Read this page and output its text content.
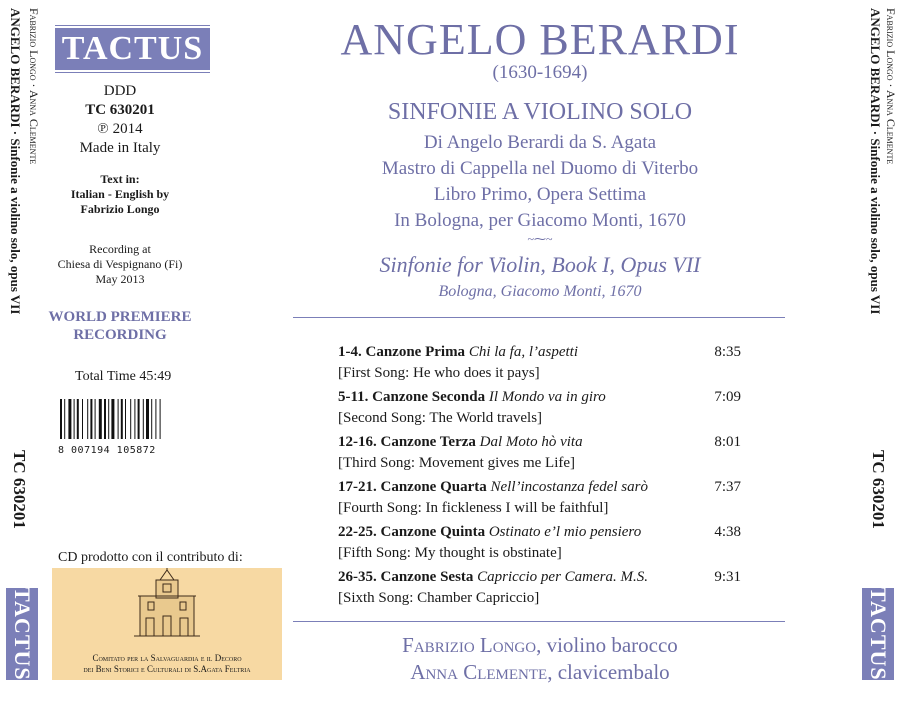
ANGELO BERARDI · Sinfonie a violino solo, opus VII Fabrizio Longo · Anna Clemente
TC 630201
TACTUS
ANGELO BERARDI · Sinfonie a violino solo, opus VII Fabrizio Longo · Anna Clemente
TC 630201
TACTUS
TACTUS
DDD
TC 630201
℗ 2014
Made in Italy
Text in:
Italian - English by
Fabrizio Longo
Recording at
Chiesa di Vespignano (Fi)
May 2013
WORLD PREMIERE
RECORDING
Total Time 45:49
8 007194 105872
CD prodotto con il contributo di:
Comitato per la Salvaguardia e il Decoro
dei Beni Storici e Culturali di S.Agata Feltria
ANGELO BERARDI
(1630-1694)
SINFONIE A VIOLINO SOLO
Di Angelo Berardi da S. Agata
Mastro di Cappella nel Duomo di Viterbo
Libro Primo, Opera Settima
In Bologna, per Giacomo Monti, 1670
~⁓~
Sinfonie for Violin, Book I, Opus VII
Bologna, Giacomo Monti, 1670
1-4. Canzone Prima Chi la fa, l’aspetti	8:35
[First Song: He who does it pays]
5-11. Canzone Seconda Il Mondo va in giro	7:09
[Second Song: The World travels]
12-16. Canzone Terza Dal Moto hò vita	8:01
[Third Song: Movement gives me Life]
17-21. Canzone Quarta Nell’incostanza fedel sarò	7:37
[Fourth Song: In fickleness I will be faithful]
22-25. Canzone Quinta Ostinato e’l mio pensiero	4:38
[Fifth Song: My thought is obstinate]
26-35. Canzone Sesta Capriccio per Camera. M.S.	9:31
[Sixth Song: Chamber Capriccio]
Fabrizio Longo, violino barocco
Anna Clemente, clavicembalo
